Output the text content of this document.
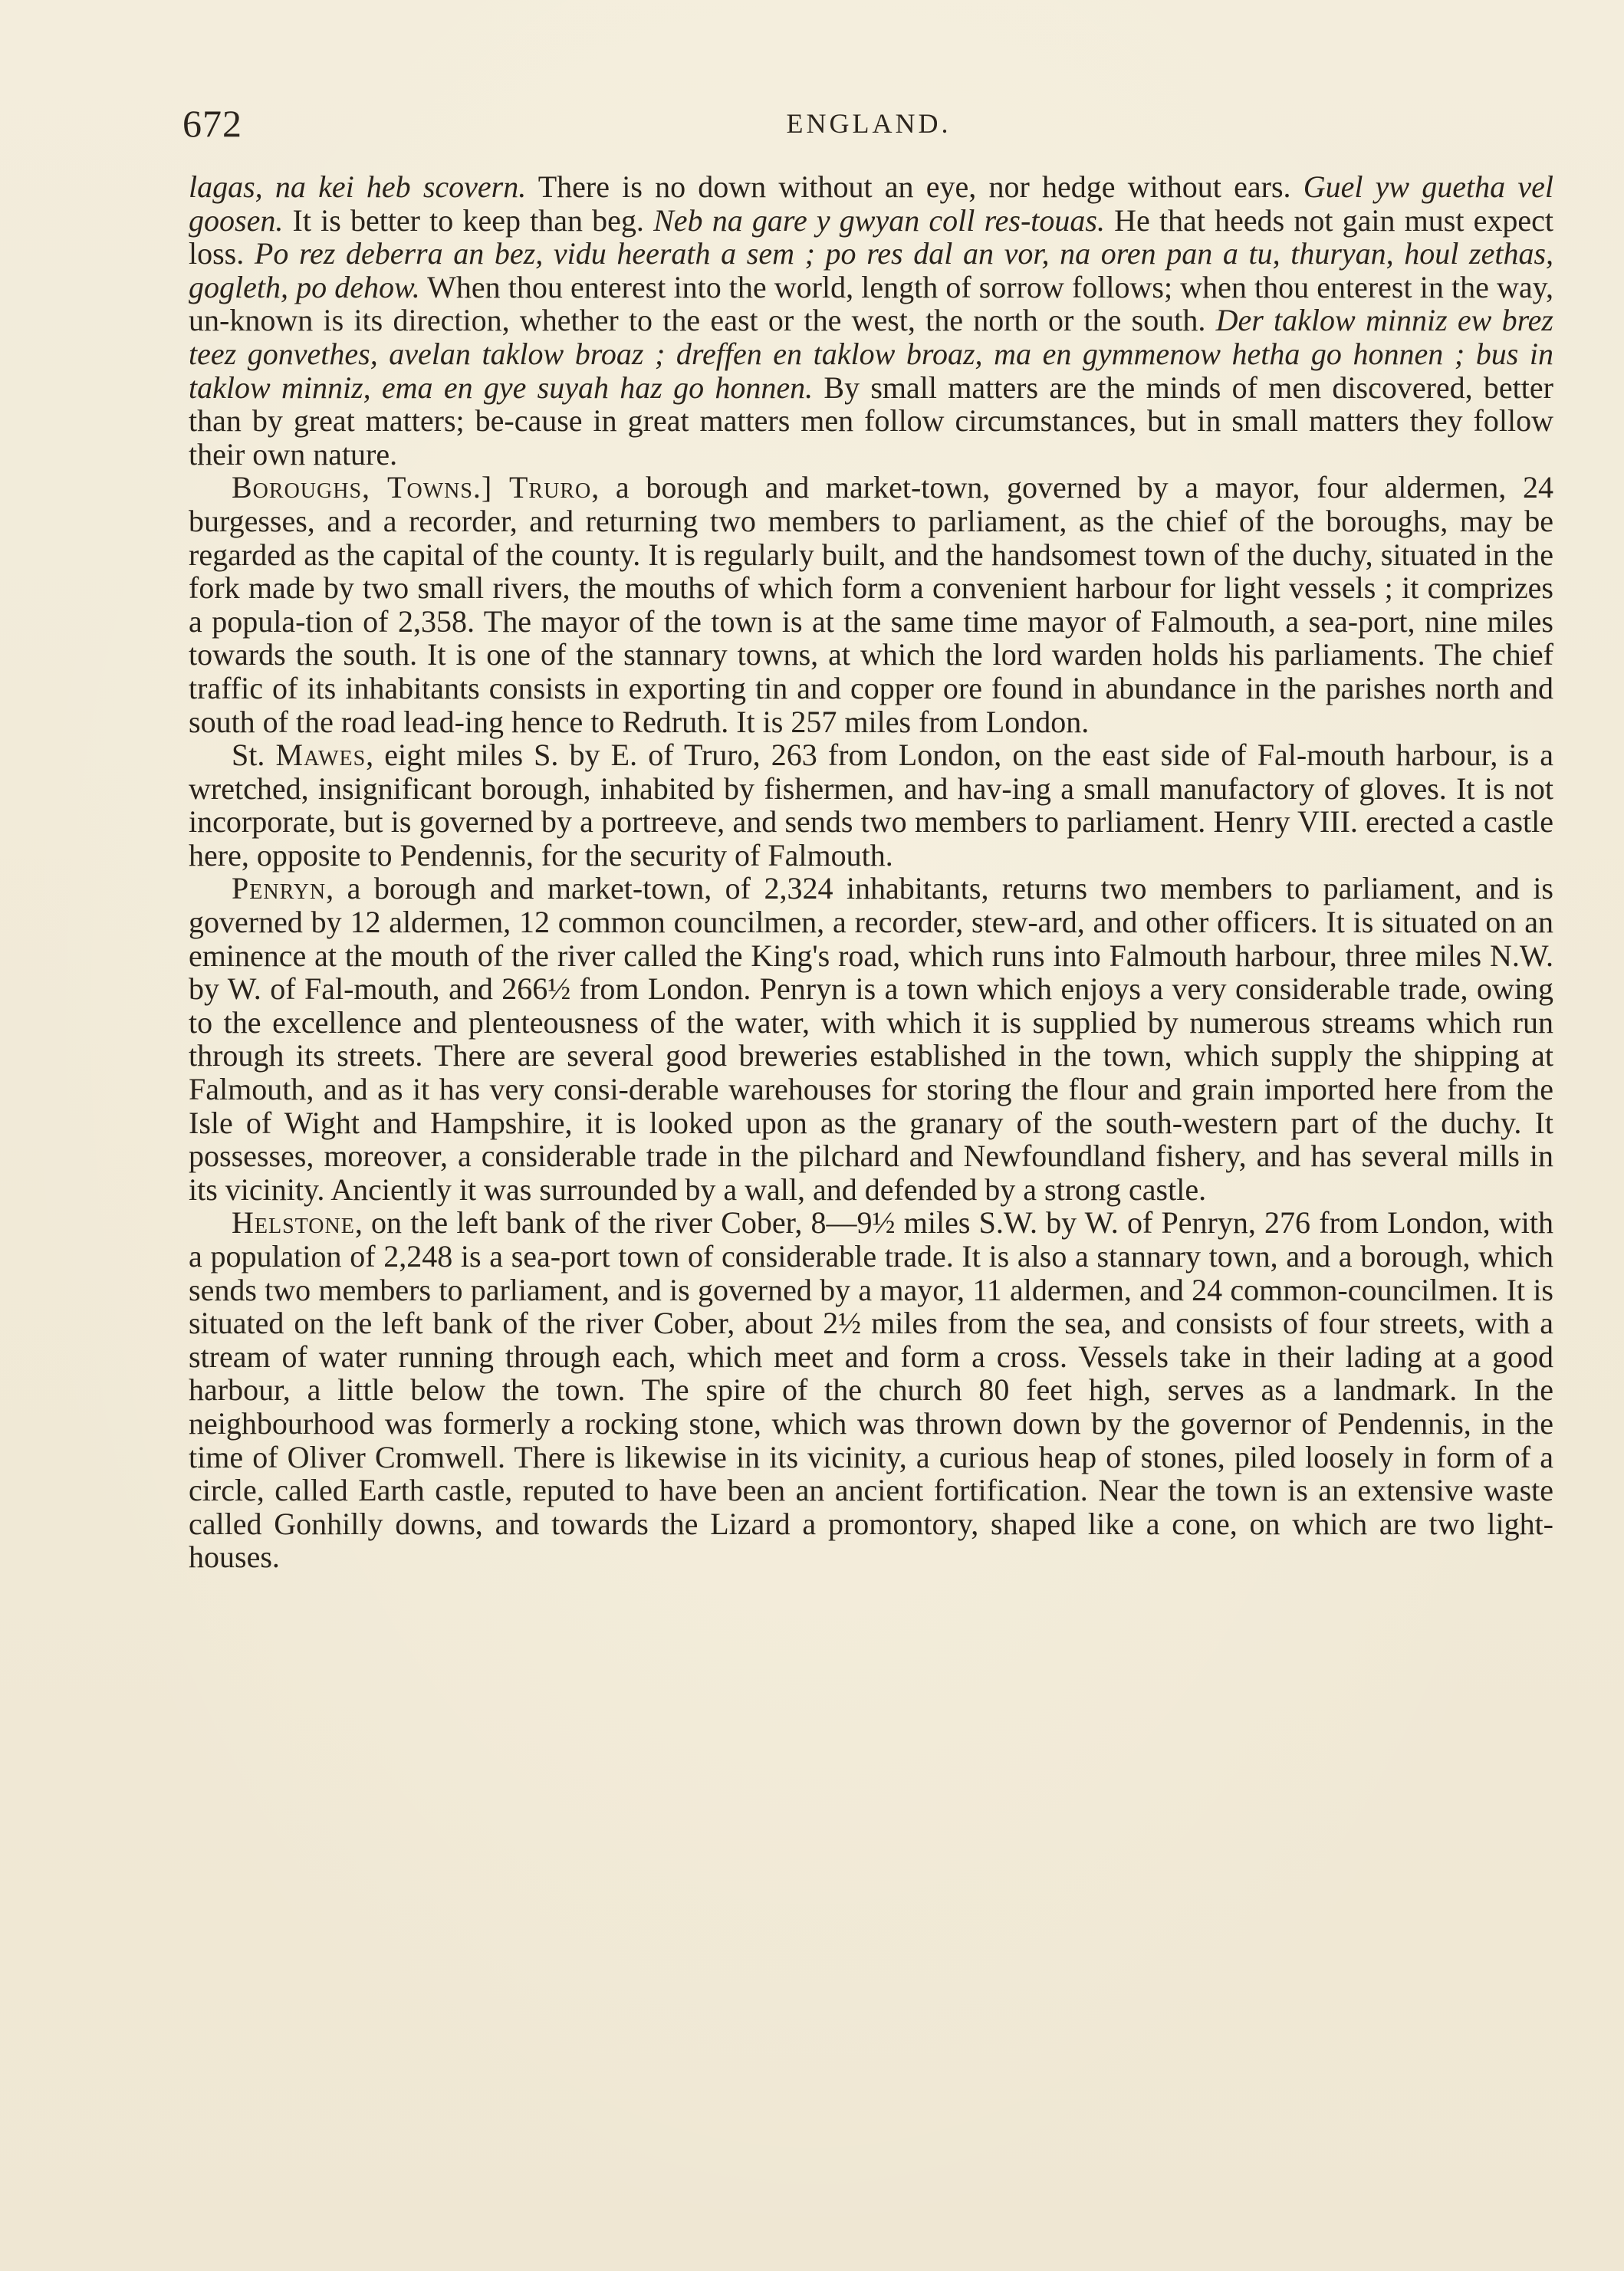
672	ENGLAND.

lagas, na kei heb scovern. There is no down without an eye, nor hedge without ears. Guel yw guetha vel goosen. It is better to keep than beg. Neb na gare y gwyan coll res-touas. He that heeds not gain must expect loss. Po rez deberra an bez, vidu heerath a sem ; po res dal an vor, na oren pan a tu, thuryan, houl zethas, gogleth, po dehow. When thou enterest into the world, length of sorrow follows; when thou enterest in the way, un-known is its direction, whether to the east or the west, the north or the south. Der taklow minniz ew brez teez gonvethes, avelan taklow broaz ; dreffen en taklow broaz, ma en gymmenow hetha go honnen ; bus in taklow minniz, ema en gye suyah haz go honnen. By small matters are the minds of men discovered, better than by great matters; be-cause in great matters men follow circumstances, but in small matters they follow their own nature.

Boroughs, Towns.] Truro, a borough and market-town, governed by a mayor, four aldermen, 24 burgesses, and a recorder, and returning two members to parliament, as the chief of the boroughs, may be regarded as the capital of the county. It is regularly built, and the handsomest town of the duchy, situated in the fork made by two small rivers, the mouths of which form a convenient harbour for light vessels ; it comprizes a popula-tion of 2,358. The mayor of the town is at the same time mayor of Falmouth, a sea-port, nine miles towards the south. It is one of the stannary towns, at which the lord warden holds his parliaments. The chief traffic of its inhabitants consists in exporting tin and copper ore found in abundance in the parishes north and south of the road lead-ing hence to Redruth. It is 257 miles from London.

St. Mawes, eight miles S. by E. of Truro, 263 from London, on the east side of Fal-mouth harbour, is a wretched, insignificant borough, inhabited by fishermen, and hav-ing a small manufactory of gloves. It is not incorporate, but is governed by a portreeve, and sends two members to parliament. Henry VIII. erected a castle here, opposite to Pendennis, for the security of Falmouth.

Penryn, a borough and market-town, of 2,324 inhabitants, returns two members to parliament, and is governed by 12 aldermen, 12 common councilmen, a recorder, stew-ard, and other officers. It is situated on an eminence at the mouth of the river called the King's road, which runs into Falmouth harbour, three miles N.W. by W. of Fal-mouth, and 266½ from London. Penryn is a town which enjoys a very considerable trade, owing to the excellence and plenteousness of the water, with which it is supplied by numerous streams which run through its streets. There are several good breweries established in the town, which supply the shipping at Falmouth, and as it has very consi-derable warehouses for storing the flour and grain imported here from the Isle of Wight and Hampshire, it is looked upon as the granary of the south-western part of the duchy. It possesses, moreover, a considerable trade in the pilchard and Newfoundland fishery, and has several mills in its vicinity. Anciently it was surrounded by a wall, and defended by a strong castle.

Helstone, on the left bank of the river Cober, 8—9½ miles S.W. by W. of Penryn, 276 from London, with a population of 2,248 is a sea-port town of considerable trade. It is also a stannary town, and a borough, which sends two members to parliament, and is governed by a mayor, 11 aldermen, and 24 common-councilmen. It is situated on the left bank of the river Cober, about 2½ miles from the sea, and consists of four streets, with a stream of water running through each, which meet and form a cross. Vessels take in their lading at a good harbour, a little below the town. The spire of the church 80 feet high, serves as a landmark. In the neighbourhood was formerly a rocking stone, which was thrown down by the governor of Pendennis, in the time of Oliver Cromwell. There is likewise in its vicinity, a curious heap of stones, piled loosely in form of a circle, called Earth castle, reputed to have been an ancient fortification. Near the town is an extensive waste called Gonhilly downs, and towards the Lizard a promontory, shaped like a cone, on which are two light-houses.
